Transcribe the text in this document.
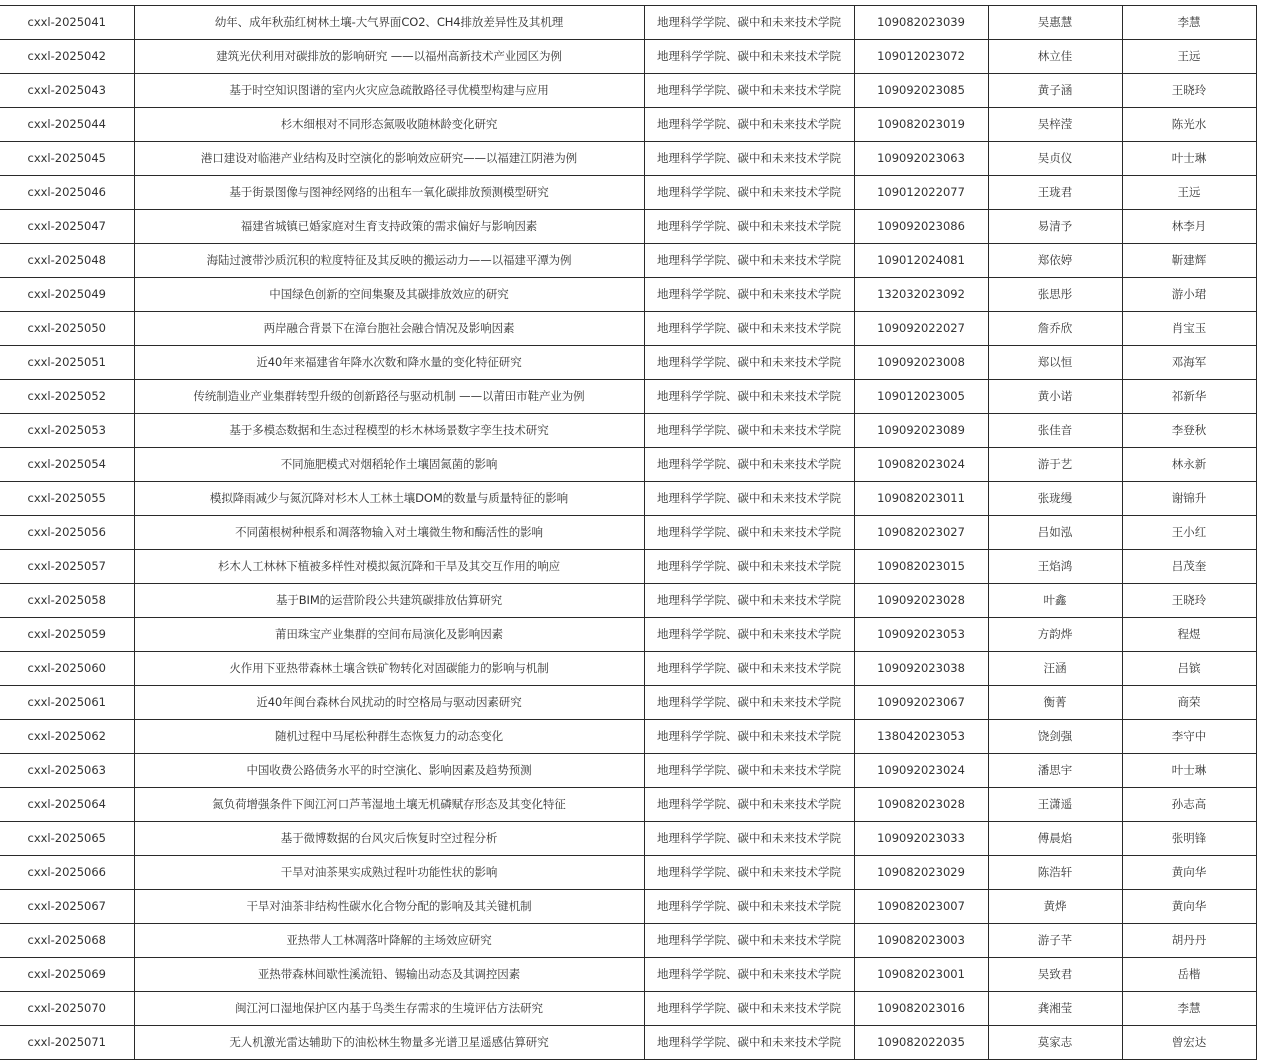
cxxl-2025041	幼年、成年秋茄红树林土壤-大气界面CO2、CH4排放差异性及其机理	地理科学学院、碳中和未来技术学院	109082023039	吴惠慧	李慧
cxxl-2025042	建筑光伏利用对碳排放的影响研究 ——以福州高新技术产业园区为例	地理科学学院、碳中和未来技术学院	109012023072	林立佳	王远
cxxl-2025043	基于时空知识图谱的室内火灾应急疏散路径寻优模型构建与应用	地理科学学院、碳中和未来技术学院	109092023085	黄子涵	王晓玲
cxxl-2025044	杉木细根对不同形态氮吸收随林龄变化研究	地理科学学院、碳中和未来技术学院	109082023019	吴梓滢	陈光水
cxxl-2025045	港口建设对临港产业结构及时空演化的影响效应研究——以福建江阴港为例	地理科学学院、碳中和未来技术学院	109092023063	吴贞仪	叶士琳
cxxl-2025046	基于街景图像与图神经网络的出租车一氧化碳排放预测模型研究	地理科学学院、碳中和未来技术学院	109012022077	王珑君	王远
cxxl-2025047	福建省城镇已婚家庭对生育支持政策的需求偏好与影响因素	地理科学学院、碳中和未来技术学院	109092023086	易清予	林李月
cxxl-2025048	海陆过渡带沙质沉积的粒度特征及其反映的搬运动力——以福建平潭为例	地理科学学院、碳中和未来技术学院	109012024081	郑依婷	靳建辉
cxxl-2025049	中国绿色创新的空间集聚及其碳排放效应的研究	地理科学学院、碳中和未来技术学院	132032023092	张思彤	游小珺
cxxl-2025050	两岸融合背景下在漳台胞社会融合情况及影响因素	地理科学学院、碳中和未来技术学院	109092022027	詹乔欣	肖宝玉
cxxl-2025051	近40年来福建省年降水次数和降水量的变化特征研究	地理科学学院、碳中和未来技术学院	109092023008	郑以恒	邓海军
cxxl-2025052	传统制造业产业集群转型升级的创新路径与驱动机制 ——以莆田市鞋产业为例	地理科学学院、碳中和未来技术学院	109012023005	黄小诺	祁新华
cxxl-2025053	基于多模态数据和生态过程模型的杉木林场景数字孪生技术研究	地理科学学院、碳中和未来技术学院	109092023089	张佳音	李登秋
cxxl-2025054	不同施肥模式对烟稻轮作土壤固氮菌的影响	地理科学学院、碳中和未来技术学院	109082023024	游于艺	林永新
cxxl-2025055	模拟降雨减少与氮沉降对杉木人工林土壤DOM的数量与质量特征的影响	地理科学学院、碳中和未来技术学院	109082023011	张珑缦	谢锦升
cxxl-2025056	不同菌根树种根系和凋落物输入对土壤微生物和酶活性的影响	地理科学学院、碳中和未来技术学院	109082023027	吕如泓	王小红
cxxl-2025057	杉木人工林林下植被多样性对模拟氮沉降和干旱及其交互作用的响应	地理科学学院、碳中和未来技术学院	109082023015	王焰鸿	吕茂奎
cxxl-2025058	基于BIM的运营阶段公共建筑碳排放估算研究	地理科学学院、碳中和未来技术学院	109092023028	叶鑫	王晓玲
cxxl-2025059	莆田珠宝产业集群的空间布局演化及影响因素	地理科学学院、碳中和未来技术学院	109092023053	方韵烨	程煜
cxxl-2025060	火作用下亚热带森林土壤含铁矿物转化对固碳能力的影响与机制	地理科学学院、碳中和未来技术学院	109092023038	汪涵	吕镔
cxxl-2025061	近40年闽台森林台风扰动的时空格局与驱动因素研究	地理科学学院、碳中和未来技术学院	109092023067	衡菁	商荣
cxxl-2025062	随机过程中马尾松种群生态恢复力的动态变化	地理科学学院、碳中和未来技术学院	138042023053	饶剑强	李守中
cxxl-2025063	中国收费公路债务水平的时空演化、影响因素及趋势预测	地理科学学院、碳中和未来技术学院	109092023024	潘思宇	叶士琳
cxxl-2025064	氮负荷增强条件下闽江河口芦苇湿地土壤无机磷赋存形态及其变化特征	地理科学学院、碳中和未来技术学院	109082023028	王潇遥	孙志高
cxxl-2025065	基于微博数据的台风灾后恢复时空过程分析	地理科学学院、碳中和未来技术学院	109092023033	傅晨焰	张明锋
cxxl-2025066	干旱对油茶果实成熟过程叶功能性状的影响	地理科学学院、碳中和未来技术学院	109082023029	陈浩轩	黄向华
cxxl-2025067	干旱对油茶非结构性碳水化合物分配的影响及其关键机制	地理科学学院、碳中和未来技术学院	109082023007	黄烨	黄向华
cxxl-2025068	亚热带人工林凋落叶降解的主场效应研究	地理科学学院、碳中和未来技术学院	109082023003	游子芊	胡丹丹
cxxl-2025069	亚热带森林间歇性溪流铅、锡输出动态及其调控因素	地理科学学院、碳中和未来技术学院	109082023001	吴致君	岳楷
cxxl-2025070	闽江河口湿地保护区内基于鸟类生存需求的生境评估方法研究	地理科学学院、碳中和未来技术学院	109082023016	龚湘莹	李慧
cxxl-2025071	无人机激光雷达辅助下的油松林生物量多光谱卫星遥感估算研究	地理科学学院、碳中和未来技术学院	109082022035	莫家志	曾宏达
